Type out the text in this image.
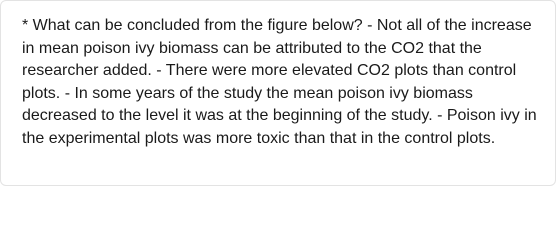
* What can be concluded from the figure below? - Not all of the increase in mean poison ivy biomass can be attributed to the CO2 that the researcher added. - There were more elevated CO2 plots than control plots. - In some years of the study the mean poison ivy biomass decreased to the level it was at the beginning of the study. - Poison ivy in the experimental plots was more toxic than that in the control plots.
